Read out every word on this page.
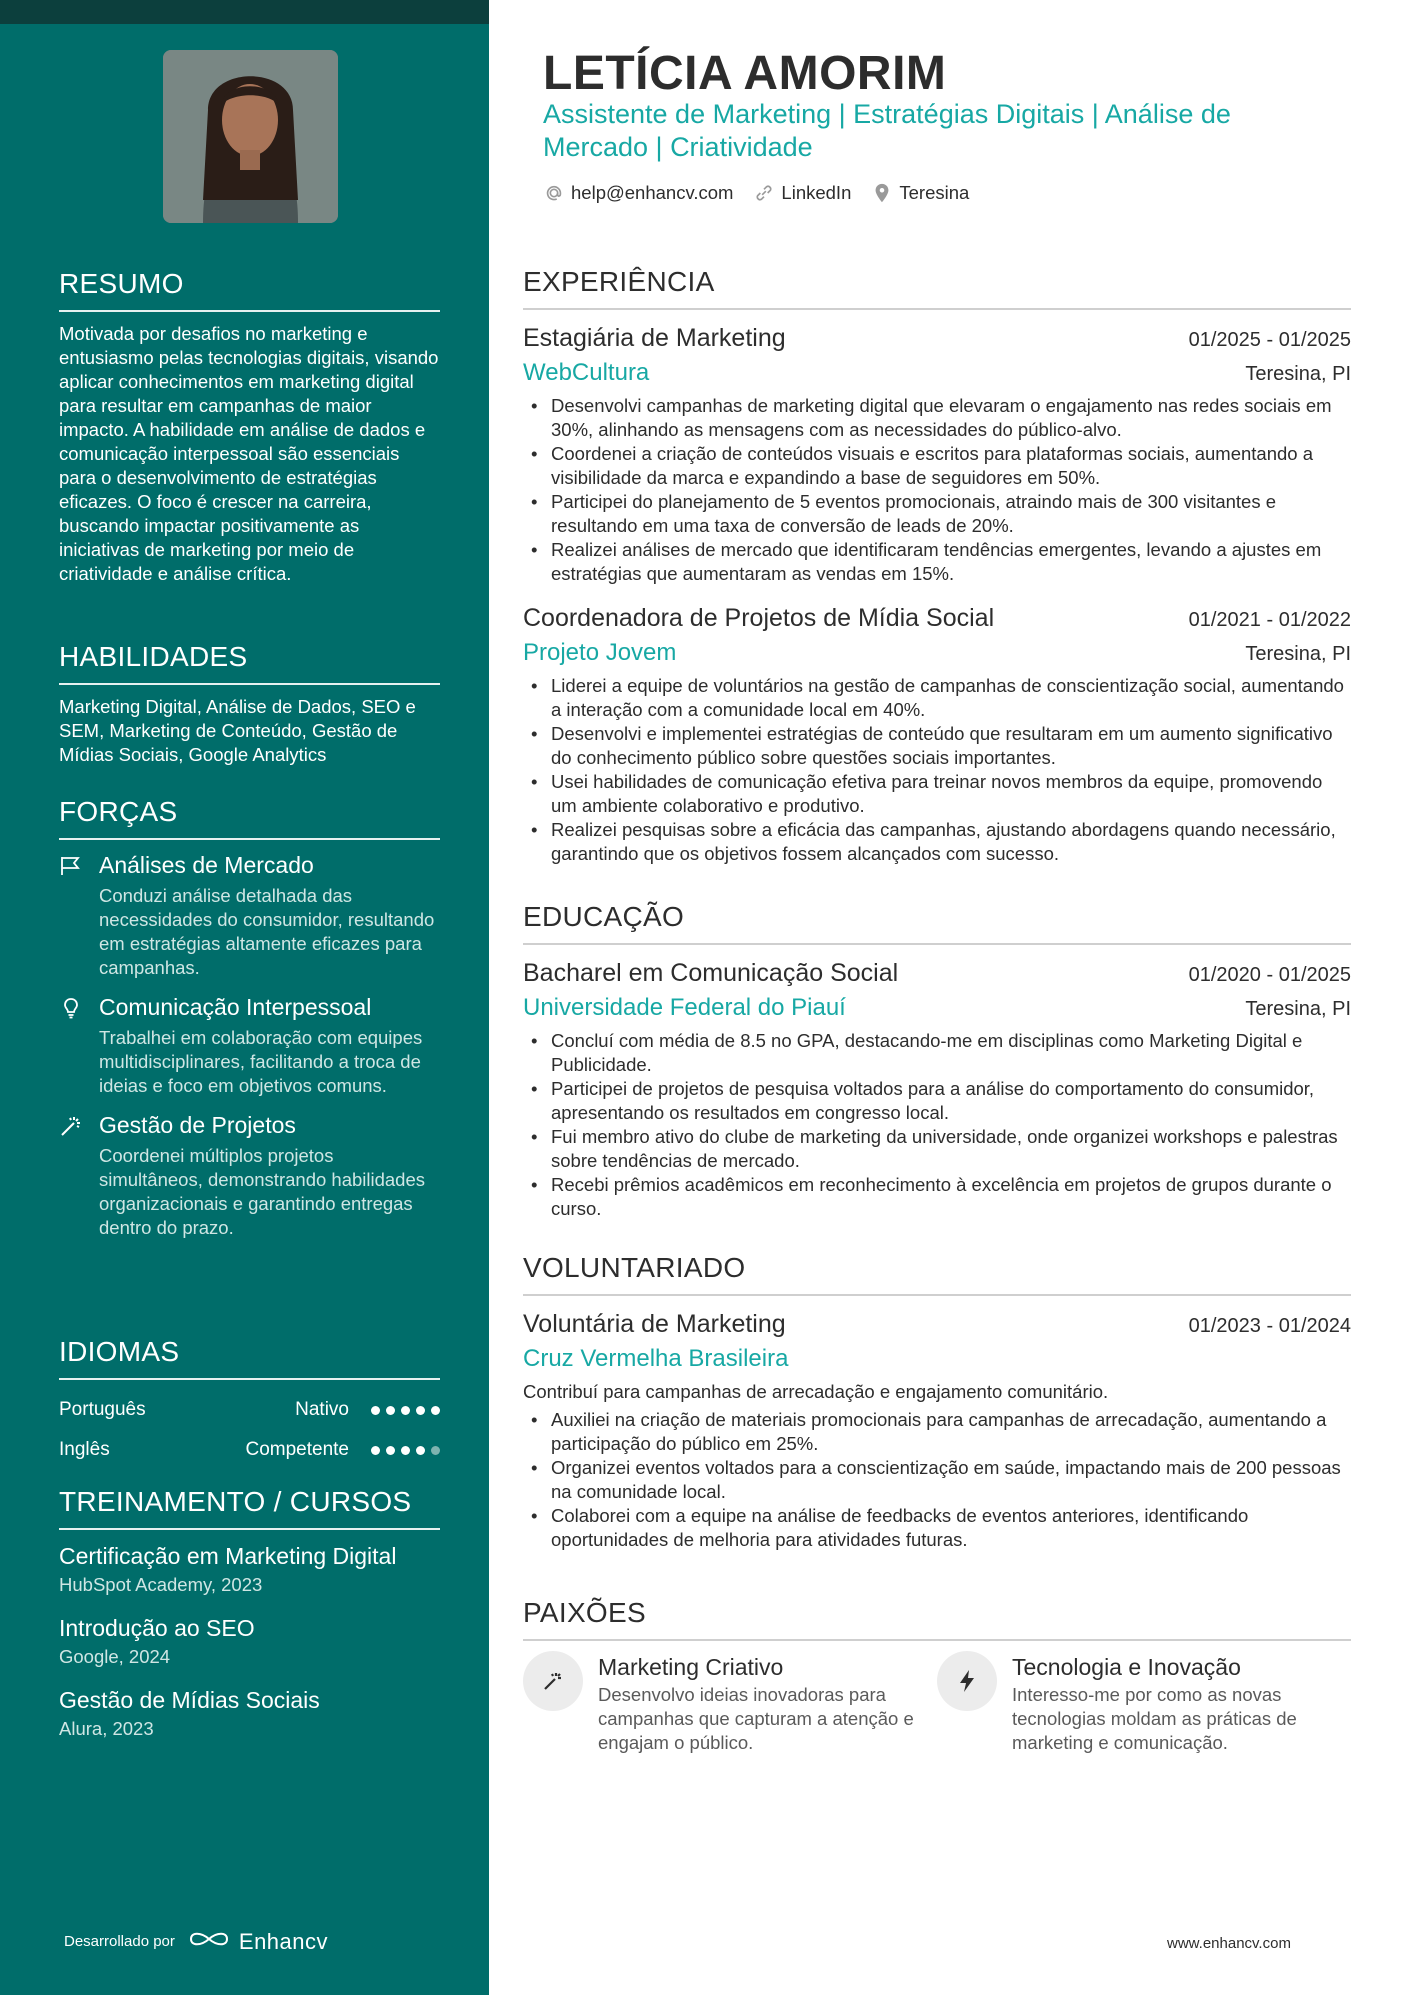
RESUMO
Motivada por desafios no marketing e entusiasmo pelas tecnologias digitais, visando aplicar conhecimentos em marketing digital para resultar em campanhas de maior impacto. A habilidade em análise de dados e comunicação interpessoal são essenciais para o desenvolvimento de estratégias eficazes. O foco é crescer na carreira, buscando impactar positivamente as iniciativas de marketing por meio de criatividade e análise crítica.
HABILIDADES
Marketing Digital, Análise de Dados, SEO e SEM, Marketing de Conteúdo, Gestão de Mídias Sociais, Google Analytics
FORÇAS
Análises de Mercado
Conduzi análise detalhada das necessidades do consumidor, resultando em estratégias altamente eficazes para campanhas.
Comunicação Interpessoal
Trabalhei em colaboração com equipes multidisciplinares, facilitando a troca de ideias e foco em objetivos comuns.
Gestão de Projetos
Coordenei múltiplos projetos simultâneos, demonstrando habilidades organizacionais e garantindo entregas dentro do prazo.
IDIOMAS
Português	Nativo
Inglês	Competente
TREINAMENTO / CURSOS
Certificação em Marketing Digital
HubSpot Academy, 2023
Introdução ao SEO
Google, 2024
Gestão de Mídias Sociais
Alura, 2023
Desarrollado por	Enhancv
LETÍCIA AMORIM
Assistente de Marketing | Estratégias Digitais | Análise de Mercado | Criatividade
help@enhancv.com	LinkedIn	Teresina
EXPERIÊNCIA
Estagiária de Marketing	01/2025 - 01/2025
WebCultura	Teresina, PI
• Desenvolvi campanhas de marketing digital que elevaram o engajamento nas redes sociais em 30%, alinhando as mensagens com as necessidades do público-alvo.
• Coordenei a criação de conteúdos visuais e escritos para plataformas sociais, aumentando a visibilidade da marca e expandindo a base de seguidores em 50%.
• Participei do planejamento de 5 eventos promocionais, atraindo mais de 300 visitantes e resultando em uma taxa de conversão de leads de 20%.
• Realizei análises de mercado que identificaram tendências emergentes, levando a ajustes em estratégias que aumentaram as vendas em 15%.
Coordenadora de Projetos de Mídia Social	01/2021 - 01/2022
Projeto Jovem	Teresina, PI
• Liderei a equipe de voluntários na gestão de campanhas de conscientização social, aumentando a interação com a comunidade local em 40%.
• Desenvolvi e implementei estratégias de conteúdo que resultaram em um aumento significativo do conhecimento público sobre questões sociais importantes.
• Usei habilidades de comunicação efetiva para treinar novos membros da equipe, promovendo um ambiente colaborativo e produtivo.
• Realizei pesquisas sobre a eficácia das campanhas, ajustando abordagens quando necessário, garantindo que os objetivos fossem alcançados com sucesso.
EDUCAÇÃO
Bacharel em Comunicação Social	01/2020 - 01/2025
Universidade Federal do Piauí	Teresina, PI
• Concluí com média de 8.5 no GPA, destacando-me em disciplinas como Marketing Digital e Publicidade.
• Participei de projetos de pesquisa voltados para a análise do comportamento do consumidor, apresentando os resultados em congresso local.
• Fui membro ativo do clube de marketing da universidade, onde organizei workshops e palestras sobre tendências de mercado.
• Recebi prêmios acadêmicos em reconhecimento à excelência em projetos de grupos durante o curso.
VOLUNTARIADO
Voluntária de Marketing	01/2023 - 01/2024
Cruz Vermelha Brasileira
Contribuí para campanhas de arrecadação e engajamento comunitário.
• Auxiliei na criação de materiais promocionais para campanhas de arrecadação, aumentando a participação do público em 25%.
• Organizei eventos voltados para a conscientização em saúde, impactando mais de 200 pessoas na comunidade local.
• Colaborei com a equipe na análise de feedbacks de eventos anteriores, identificando oportunidades de melhoria para atividades futuras.
PAIXÕES
Marketing Criativo
Desenvolvo ideias inovadoras para campanhas que capturam a atenção e engajam o público.
Tecnologia e Inovação
Interesso-me por como as novas tecnologias moldam as práticas de marketing e comunicação.
www.enhancv.com
